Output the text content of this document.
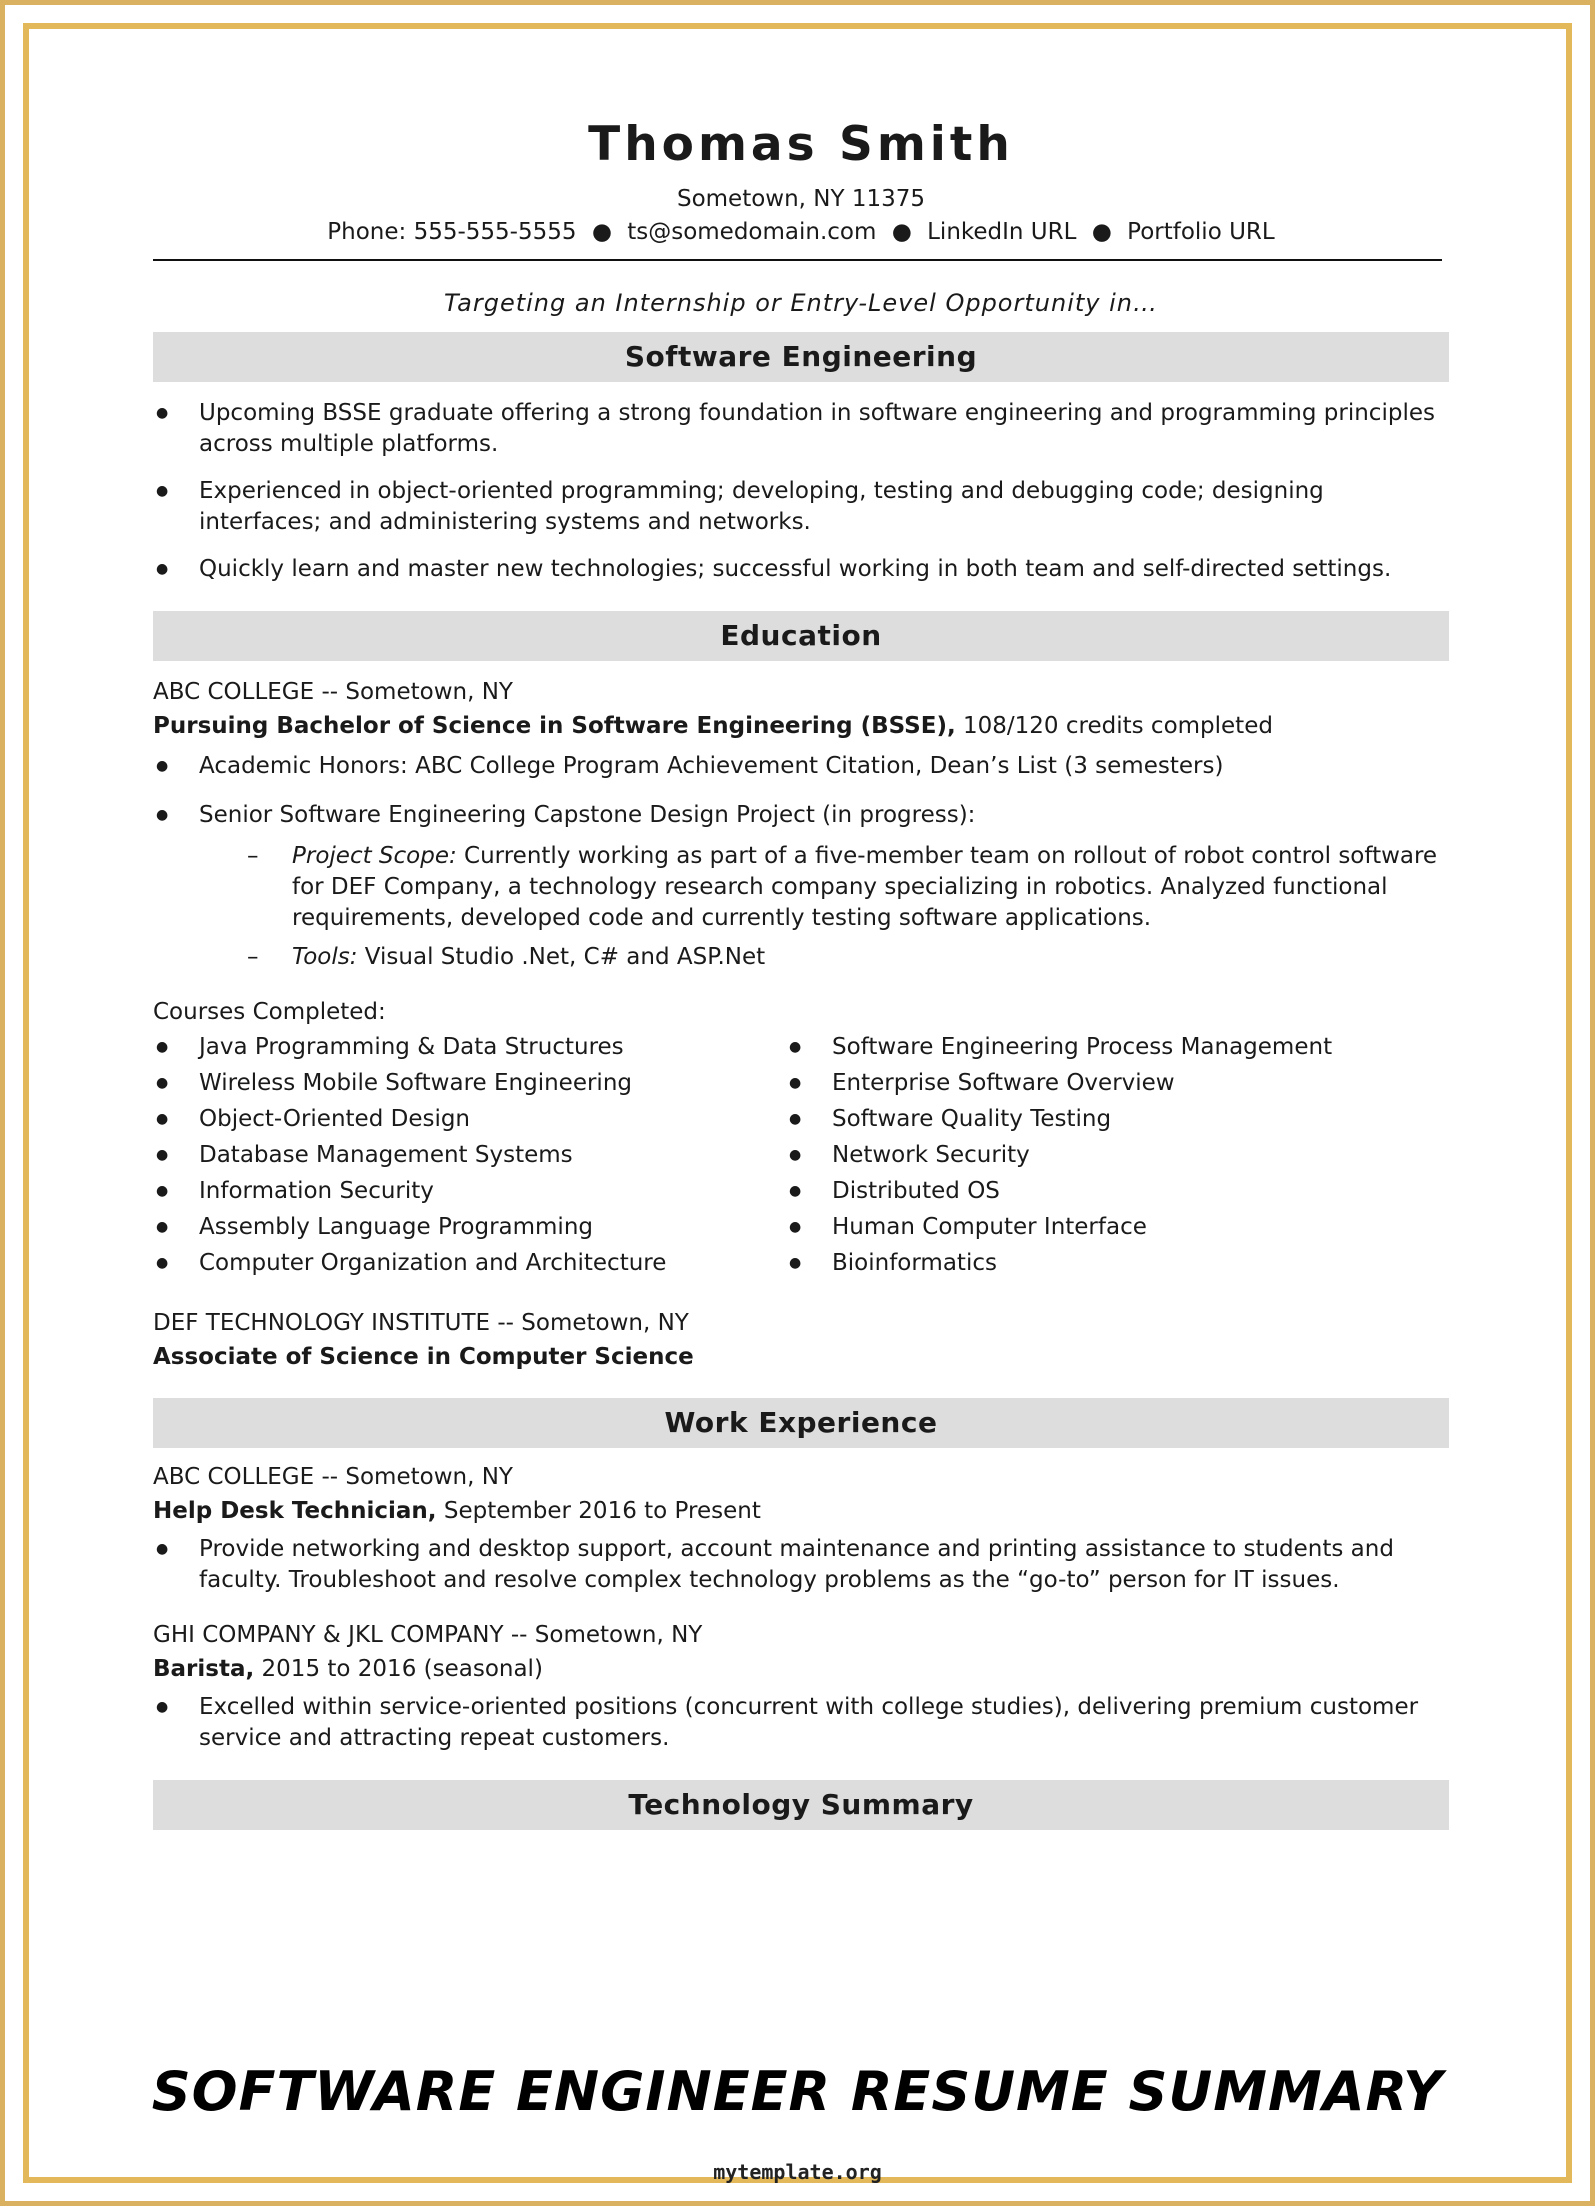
Thomas Smith
Sometown, NY 11375
Phone: 555-555-5555 ● ts@somedomain.com ● LinkedIn URL ● Portfolio URL
Targeting an Internship or Entry-Level Opportunity in…
Software Engineering
● Upcoming BSSE graduate offering a strong foundation in software engineering and programming principles across multiple platforms.
● Experienced in object-oriented programming; developing, testing and debugging code; designing interfaces; and administering systems and networks.
● Quickly learn and master new technologies; successful working in both team and self-directed settings.
Education
ABC COLLEGE -- Sometown, NY
Pursuing Bachelor of Science in Software Engineering (BSSE), 108/120 credits completed
● Academic Honors: ABC College Program Achievement Citation, Dean’s List (3 semesters)
● Senior Software Engineering Capstone Design Project (in progress):
– Project Scope: Currently working as part of a five-member team on rollout of robot control software for DEF Company, a technology research company specializing in robotics. Analyzed functional requirements, developed code and currently testing software applications.
– Tools: Visual Studio .Net, C# and ASP.Net
Courses Completed:
● Java Programming & Data Structures
● Wireless Mobile Software Engineering
● Object-Oriented Design
● Database Management Systems
● Information Security
● Assembly Language Programming
● Computer Organization and Architecture
● Software Engineering Process Management
● Enterprise Software Overview
● Software Quality Testing
● Network Security
● Distributed OS
● Human Computer Interface
● Bioinformatics
DEF TECHNOLOGY INSTITUTE -- Sometown, NY
Associate of Science in Computer Science
Work Experience
ABC COLLEGE -- Sometown, NY
Help Desk Technician, September 2016 to Present
● Provide networking and desktop support, account maintenance and printing assistance to students and faculty. Troubleshoot and resolve complex technology problems as the “go-to” person for IT issues.
GHI COMPANY & JKL COMPANY -- Sometown, NY
Barista, 2015 to 2016 (seasonal)
● Excelled within service-oriented positions (concurrent with college studies), delivering premium customer service and attracting repeat customers.
Technology Summary
SOFTWARE ENGINEER RESUME SUMMARY
mytemplate.org
